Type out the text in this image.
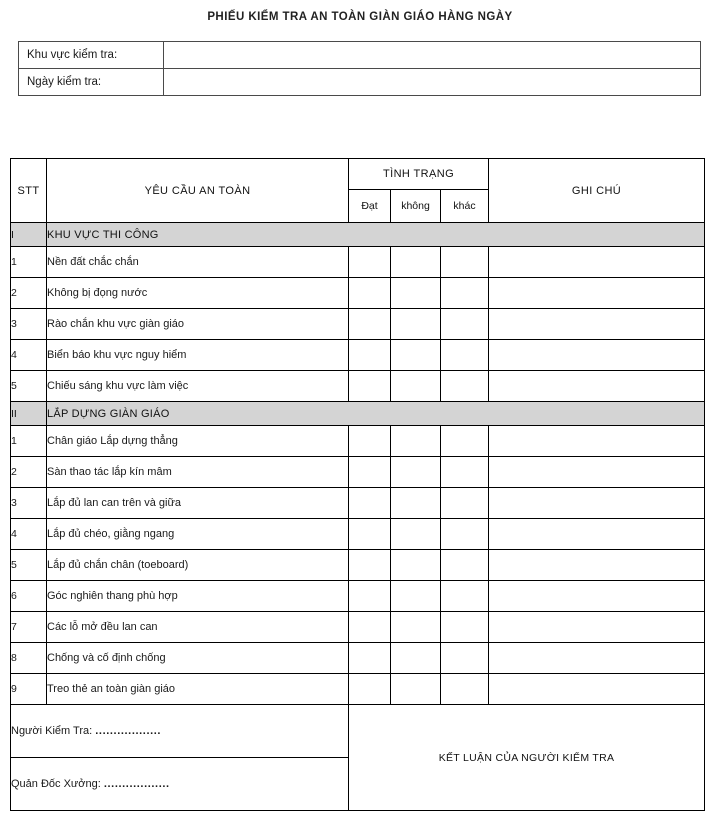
PHIẾU KIỂM TRA AN TOÀN GIÀN GIÁO HÀNG NGÀY
Khu vực kiểm tra:	
Ngày kiểm tra:	
STT	YÊU CẦU AN TOÀN	TÌNH TRẠNG			GHI CHÚ
		Đạt	không	khác	
I	KHU VỰC THI CÔNG				
1	Nền đất chắc chắn				
2	Không bị đọng nước				
3	Rào chắn khu vực giàn giáo				
4	Biển báo khu vực nguy hiểm				
5	Chiếu sáng khu vực làm việc				
II	LẮP DỰNG GIÀN GIÁO				
1	Chân giáo Lắp dựng thẳng				
2	Sàn thao tác lắp kín mâm				
3	Lắp đủ lan can trên và giữa				
4	Lắp đủ chéo, giằng ngang				
5	Lắp đủ chắn chân (toeboard)				
6	Góc nghiên thang phù hợp				
7	Các lỗ mở đều lan can				
8	Chống và cố định chống				
9	Treo thẻ an toàn giàn giáo				
Người Kiểm Tra: ..................		KẾT LUẬN CỦA NGƯỜI KIỂM TRA			
Quản Đốc Xưởng: ..................					
